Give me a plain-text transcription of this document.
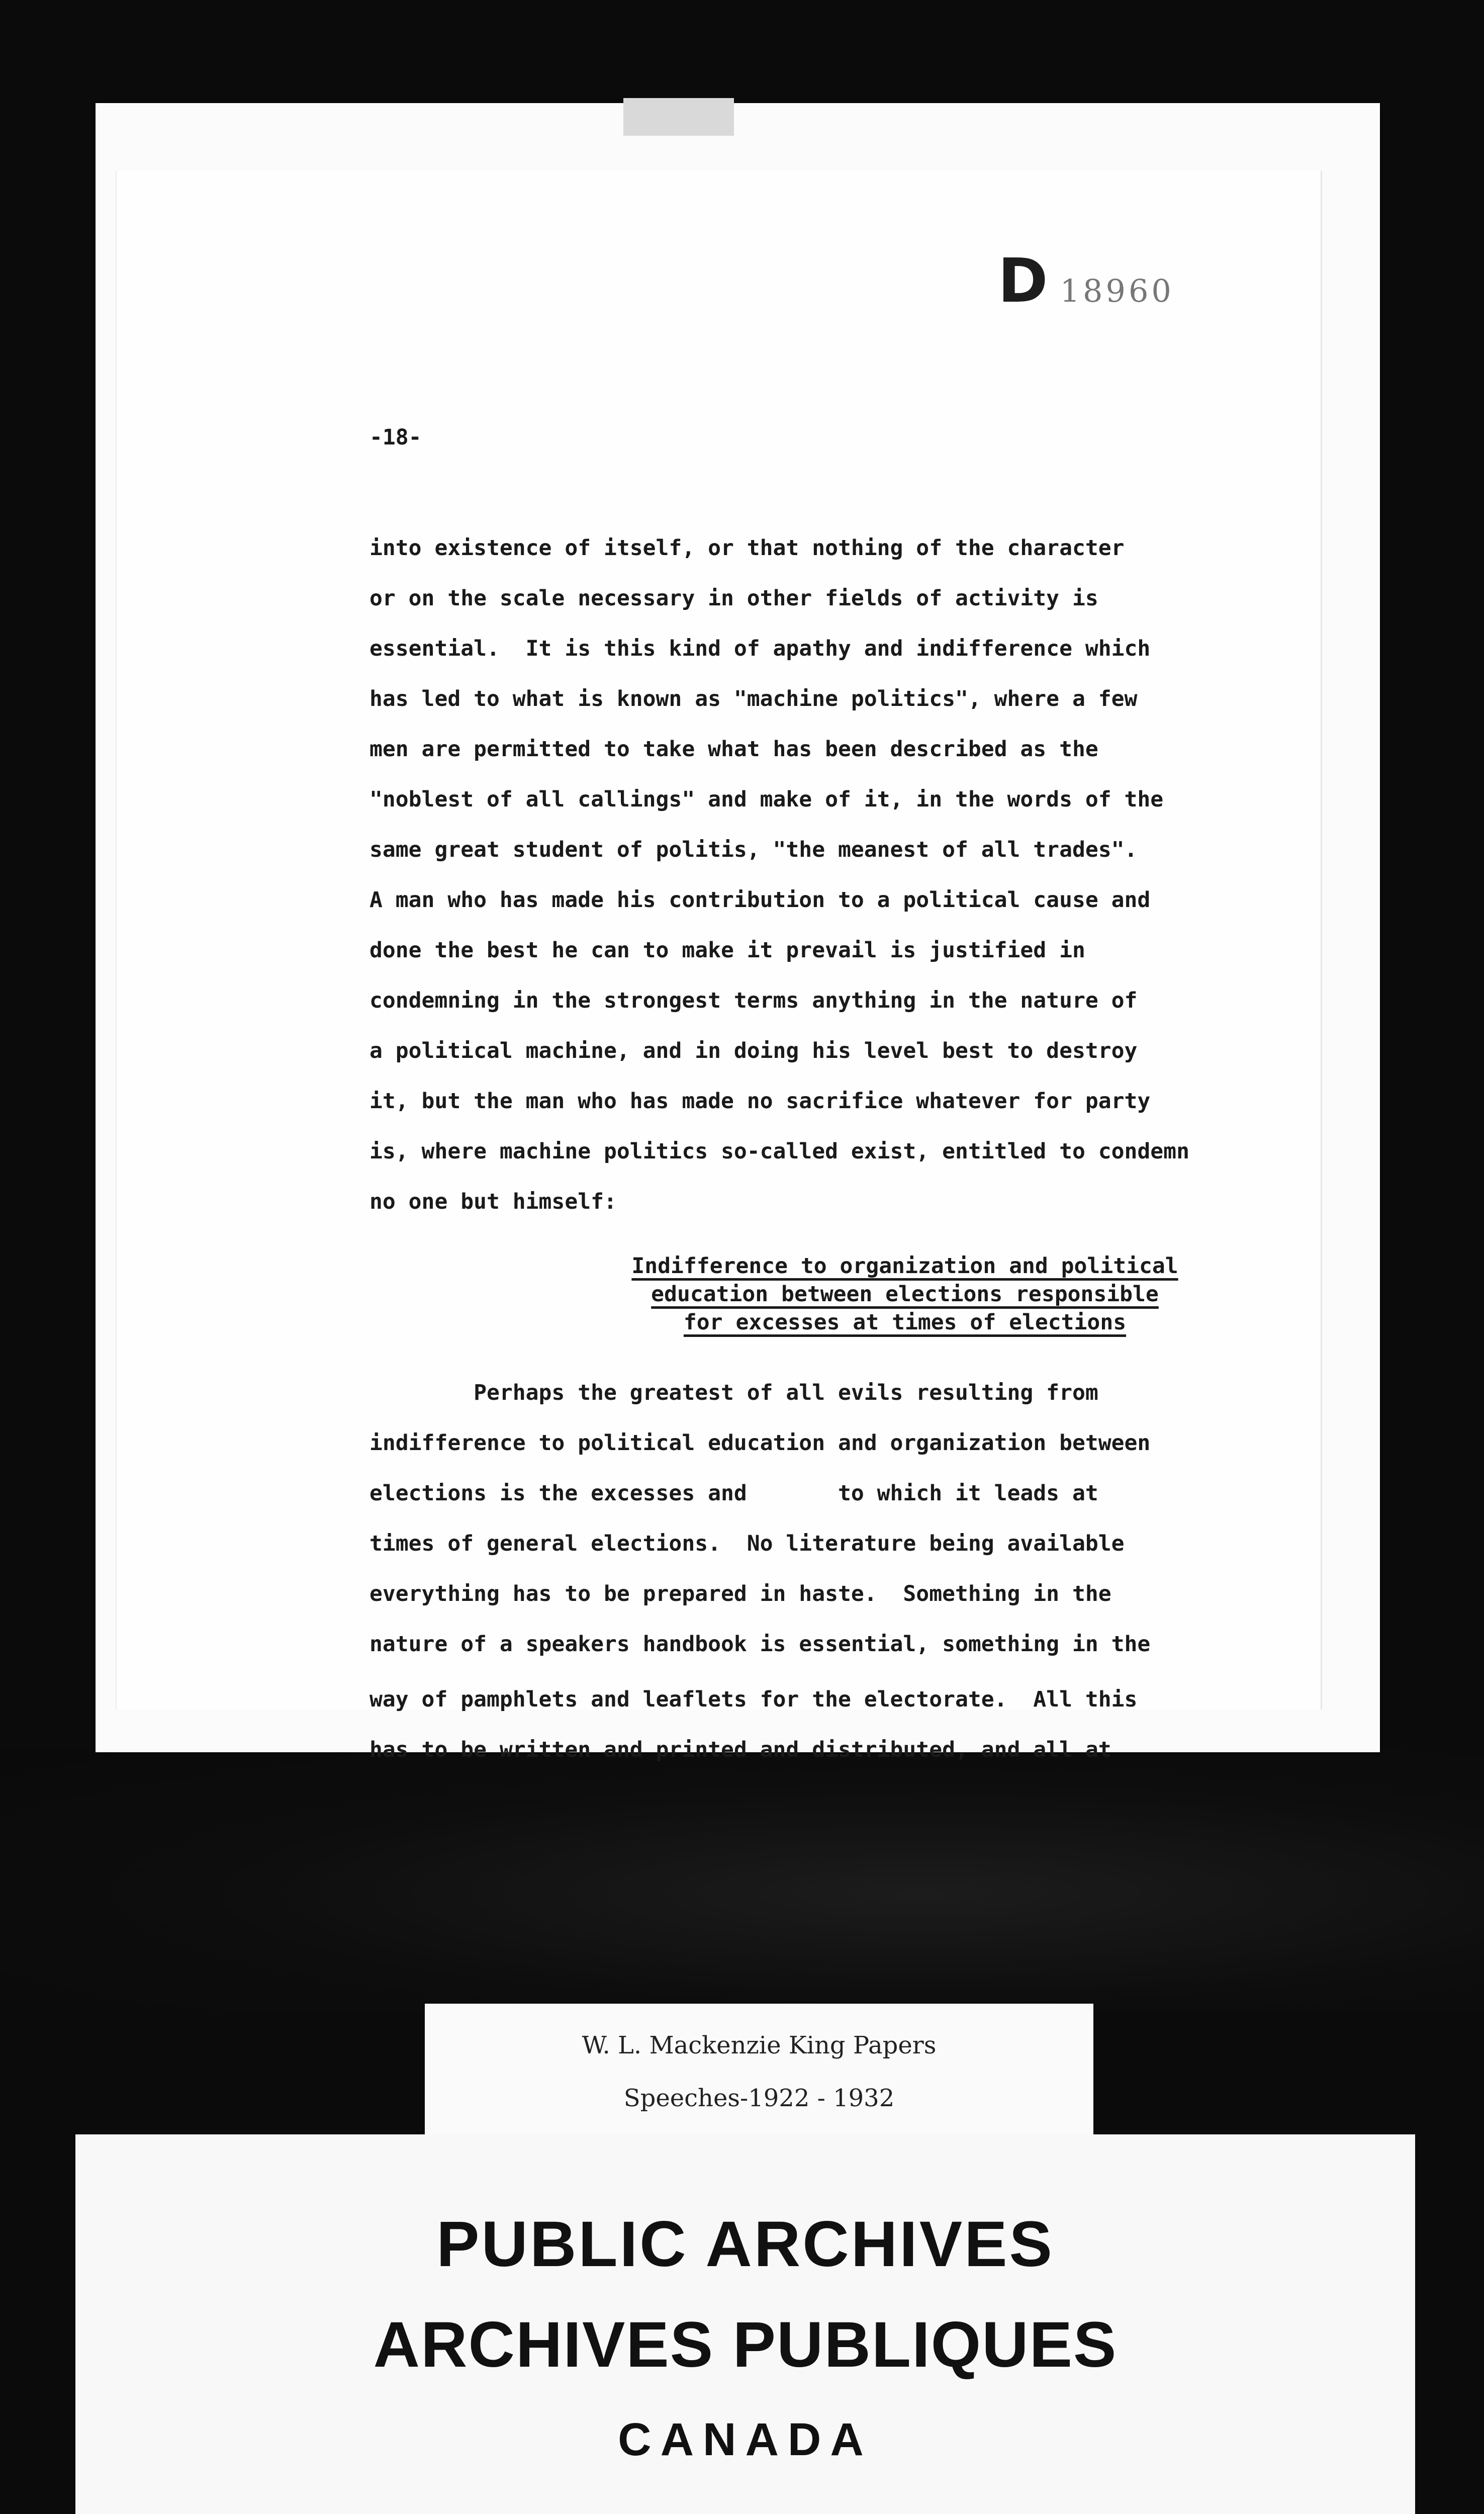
D 18960
-18-
into existence of itself, or that nothing of the character
or on the scale necessary in other fields of activity is
essential.  It is this kind of apathy and indifference which
has led to what is known as "machine politics", where a few
men are permitted to take what has been described as the
"noblest of all callings" and make of it, in the words of the
same great student of politis, "the meanest of all trades".
A man who has made his contribution to a political cause and
done the best he can to make it prevail is justified in
condemning in the strongest terms anything in the nature of
a political machine, and in doing his level best to destroy
it, but the man who has made no sacrifice whatever for party
is, where machine politics so-called exist, entitled to condemn
no one but himself:
Indifference to organization and political
education between elections responsible
for excesses at times of elections
Perhaps the greatest of all evils resulting from
indifference to political education and organization between
elections is the excesses and       to which it leads at
times of general elections.  No literature being available
everything has to be prepared in haste.  Something in the
nature of a speakers handbook is essential, something in the
way of pamphlets and leaflets for the electorate.  All this
has to be written and printed and distributed, and all at
W. L. Mackenzie King Papers
Speeches-1922 - 1932
PUBLIC ARCHIVES
ARCHIVES PUBLIQUES
CANADA
